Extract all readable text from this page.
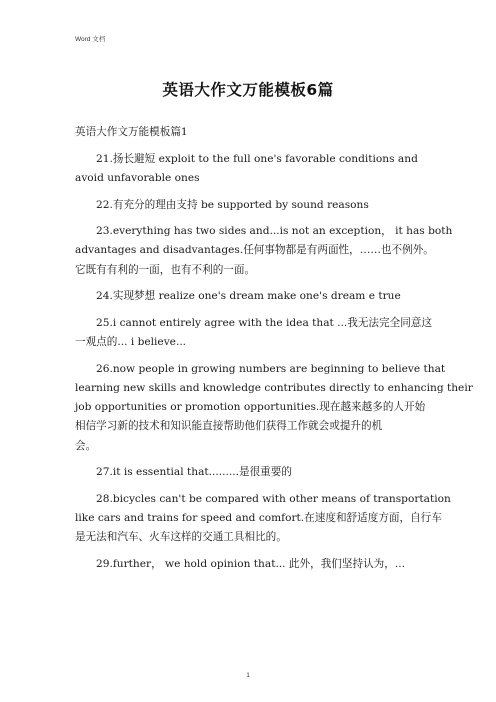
Word 文档
英语大作文万能模板6篇
英语大作文万能模板篇1
21.扬长避短 exploit to the full one's favorable conditions and
avoid unfavorable ones
22.有充分的理由支持 be supported by sound reasons
23.everything has two sides and...is not an exception， it has both
advantages and disadvantages.任何事物都是有两面性，……也不例外。
它既有有利的一面，也有不利的一面。
24.实现梦想 realize one's dream make one's dream e true
25.i cannot entirely agree with the idea that ...我无法完全同意这
一观点的... i believe...
26.now people in growing numbers are beginning to believe that
learning new skills and knowledge contributes directly to enhancing their
job opportunities or promotion opportunities.现在越来越多的人开始
相信学习新的技术和知识能直接帮助他们获得工作就会或提升的机
会。
27.it is essential that.........是很重要的
28.bicycles can't be compared with other means of transportation
like cars and trains for speed and comfort.在速度和舒适度方面，自行车
是无法和汽车、火车这样的交通工具相比的。
29.further， we hold opinion that... 此外，我们坚持认为，...
1
